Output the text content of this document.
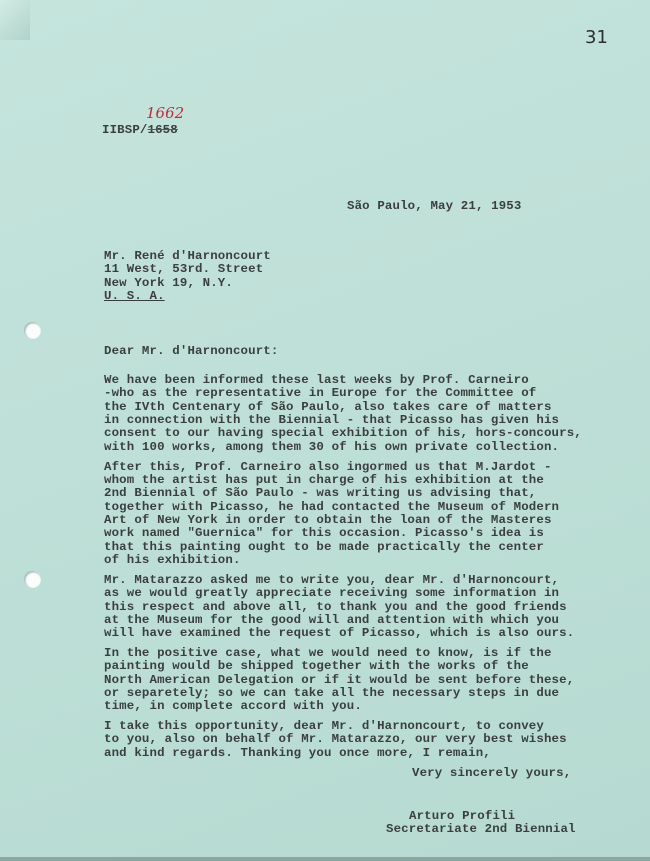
31
1662
IIBSP/1658
São Paulo, May 21, 1953
Mr. René d'Harnoncourt
11 West, 53rd. Street
New York 19, N.Y.
U. S. A.
Dear Mr. d'Harnoncourt:
We have been informed these last weeks by Prof. Carneiro
-who as the representative in Europe for the Committee of
the IVth Centenary of São Paulo, also takes care of matters
in connection with the Biennial - that Picasso has given his
consent to our having special exhibition of his, hors-concours,
with 100 works, among them 30 of his own private collection.
After this, Prof. Carneiro also ingormed us that M.Jardot -
whom the artist has put in charge of his exhibition at the
2nd Biennial of São Paulo - was writing us advising that,
together with Picasso, he had contacted the Museum of Modern
Art of New York in order to obtain the loan of the Masteres
work named "Guernica" for this occasion. Picasso's idea is
that this painting ought to be made practically the center
of his exhibition.
Mr. Matarazzo asked me to write you, dear Mr. d'Harnoncourt,
as we would greatly appreciate receiving some information in
this respect and above all, to thank you and the good friends
at the Museum for the good will and attention with which you
will have examined the request of Picasso, which is also ours.
In the positive case, what we would need to know, is if the
painting would be shipped together with the works of the
North American Delegation or if it would be sent before these,
or separetely; so we can take all the necessary steps in due
time, in complete accord with you.
I take this opportunity, dear Mr. d'Harnoncourt, to convey
to you, also on behalf of Mr. Matarazzo, our very best wishes
and kind regards. Thanking you once more, I remain,
Very sincerely yours,
Arturo Profili
Secretariate 2nd Biennial
